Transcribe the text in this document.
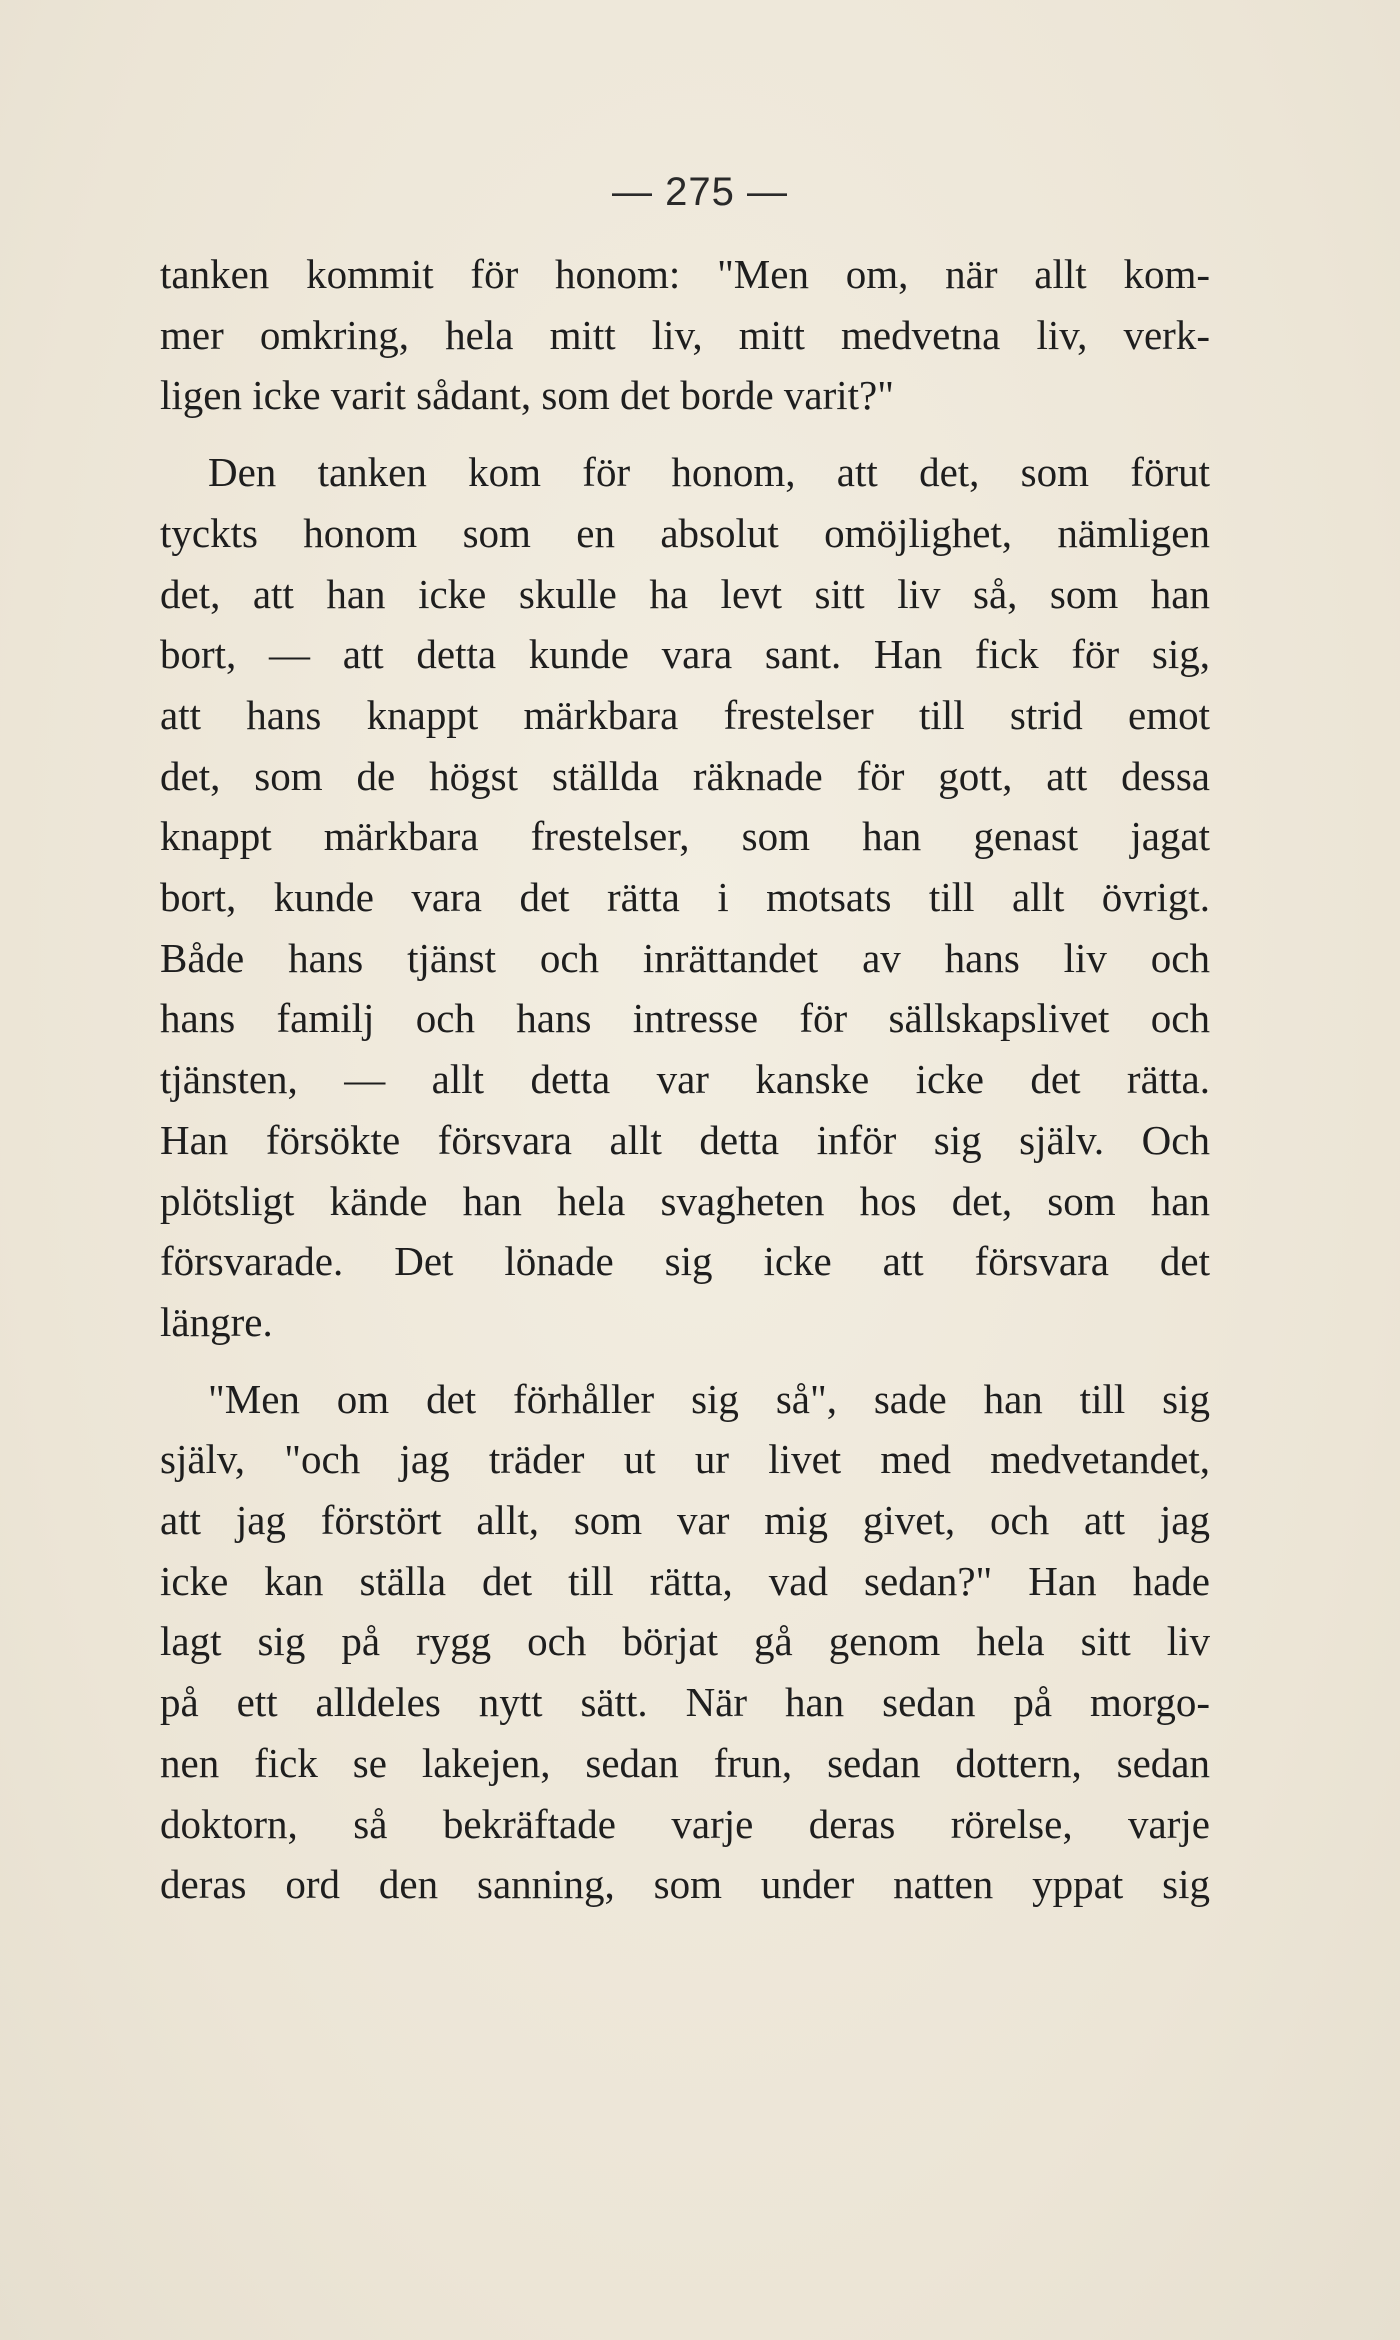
— 275 —
tanken kommit för honom: "Men om, när allt kom-
mer omkring, hela mitt liv, mitt medvetna liv, verk-
ligen icke varit sådant, som det borde varit?"
Den tanken kom för honom, att det, som förut
tyckts honom som en absolut omöjlighet, nämligen
det, att han icke skulle ha levt sitt liv så, som han
bort, — att detta kunde vara sant. Han fick för sig,
att hans knappt märkbara frestelser till strid emot
det, som de högst ställda räknade för gott, att dessa
knappt märkbara frestelser, som han genast jagat
bort, kunde vara det rätta i motsats till allt övrigt.
Både hans tjänst och inrättandet av hans liv och
hans familj och hans intresse för sällskapslivet och
tjänsten, — allt detta var kanske icke det rätta.
Han försökte försvara allt detta inför sig själv. Och
plötsligt kände han hela svagheten hos det, som han
försvarade. Det lönade sig icke att försvara det
längre.
"Men om det förhåller sig så", sade han till sig
själv, "och jag träder ut ur livet med medvetandet,
att jag förstört allt, som var mig givet, och att jag
icke kan ställa det till rätta, vad sedan?" Han hade
lagt sig på rygg och börjat gå genom hela sitt liv
på ett alldeles nytt sätt. När han sedan på morgo-
nen fick se lakejen, sedan frun, sedan dottern, sedan
doktorn, så bekräftade varje deras rörelse, varje
deras ord den sanning, som under natten yppat sig
